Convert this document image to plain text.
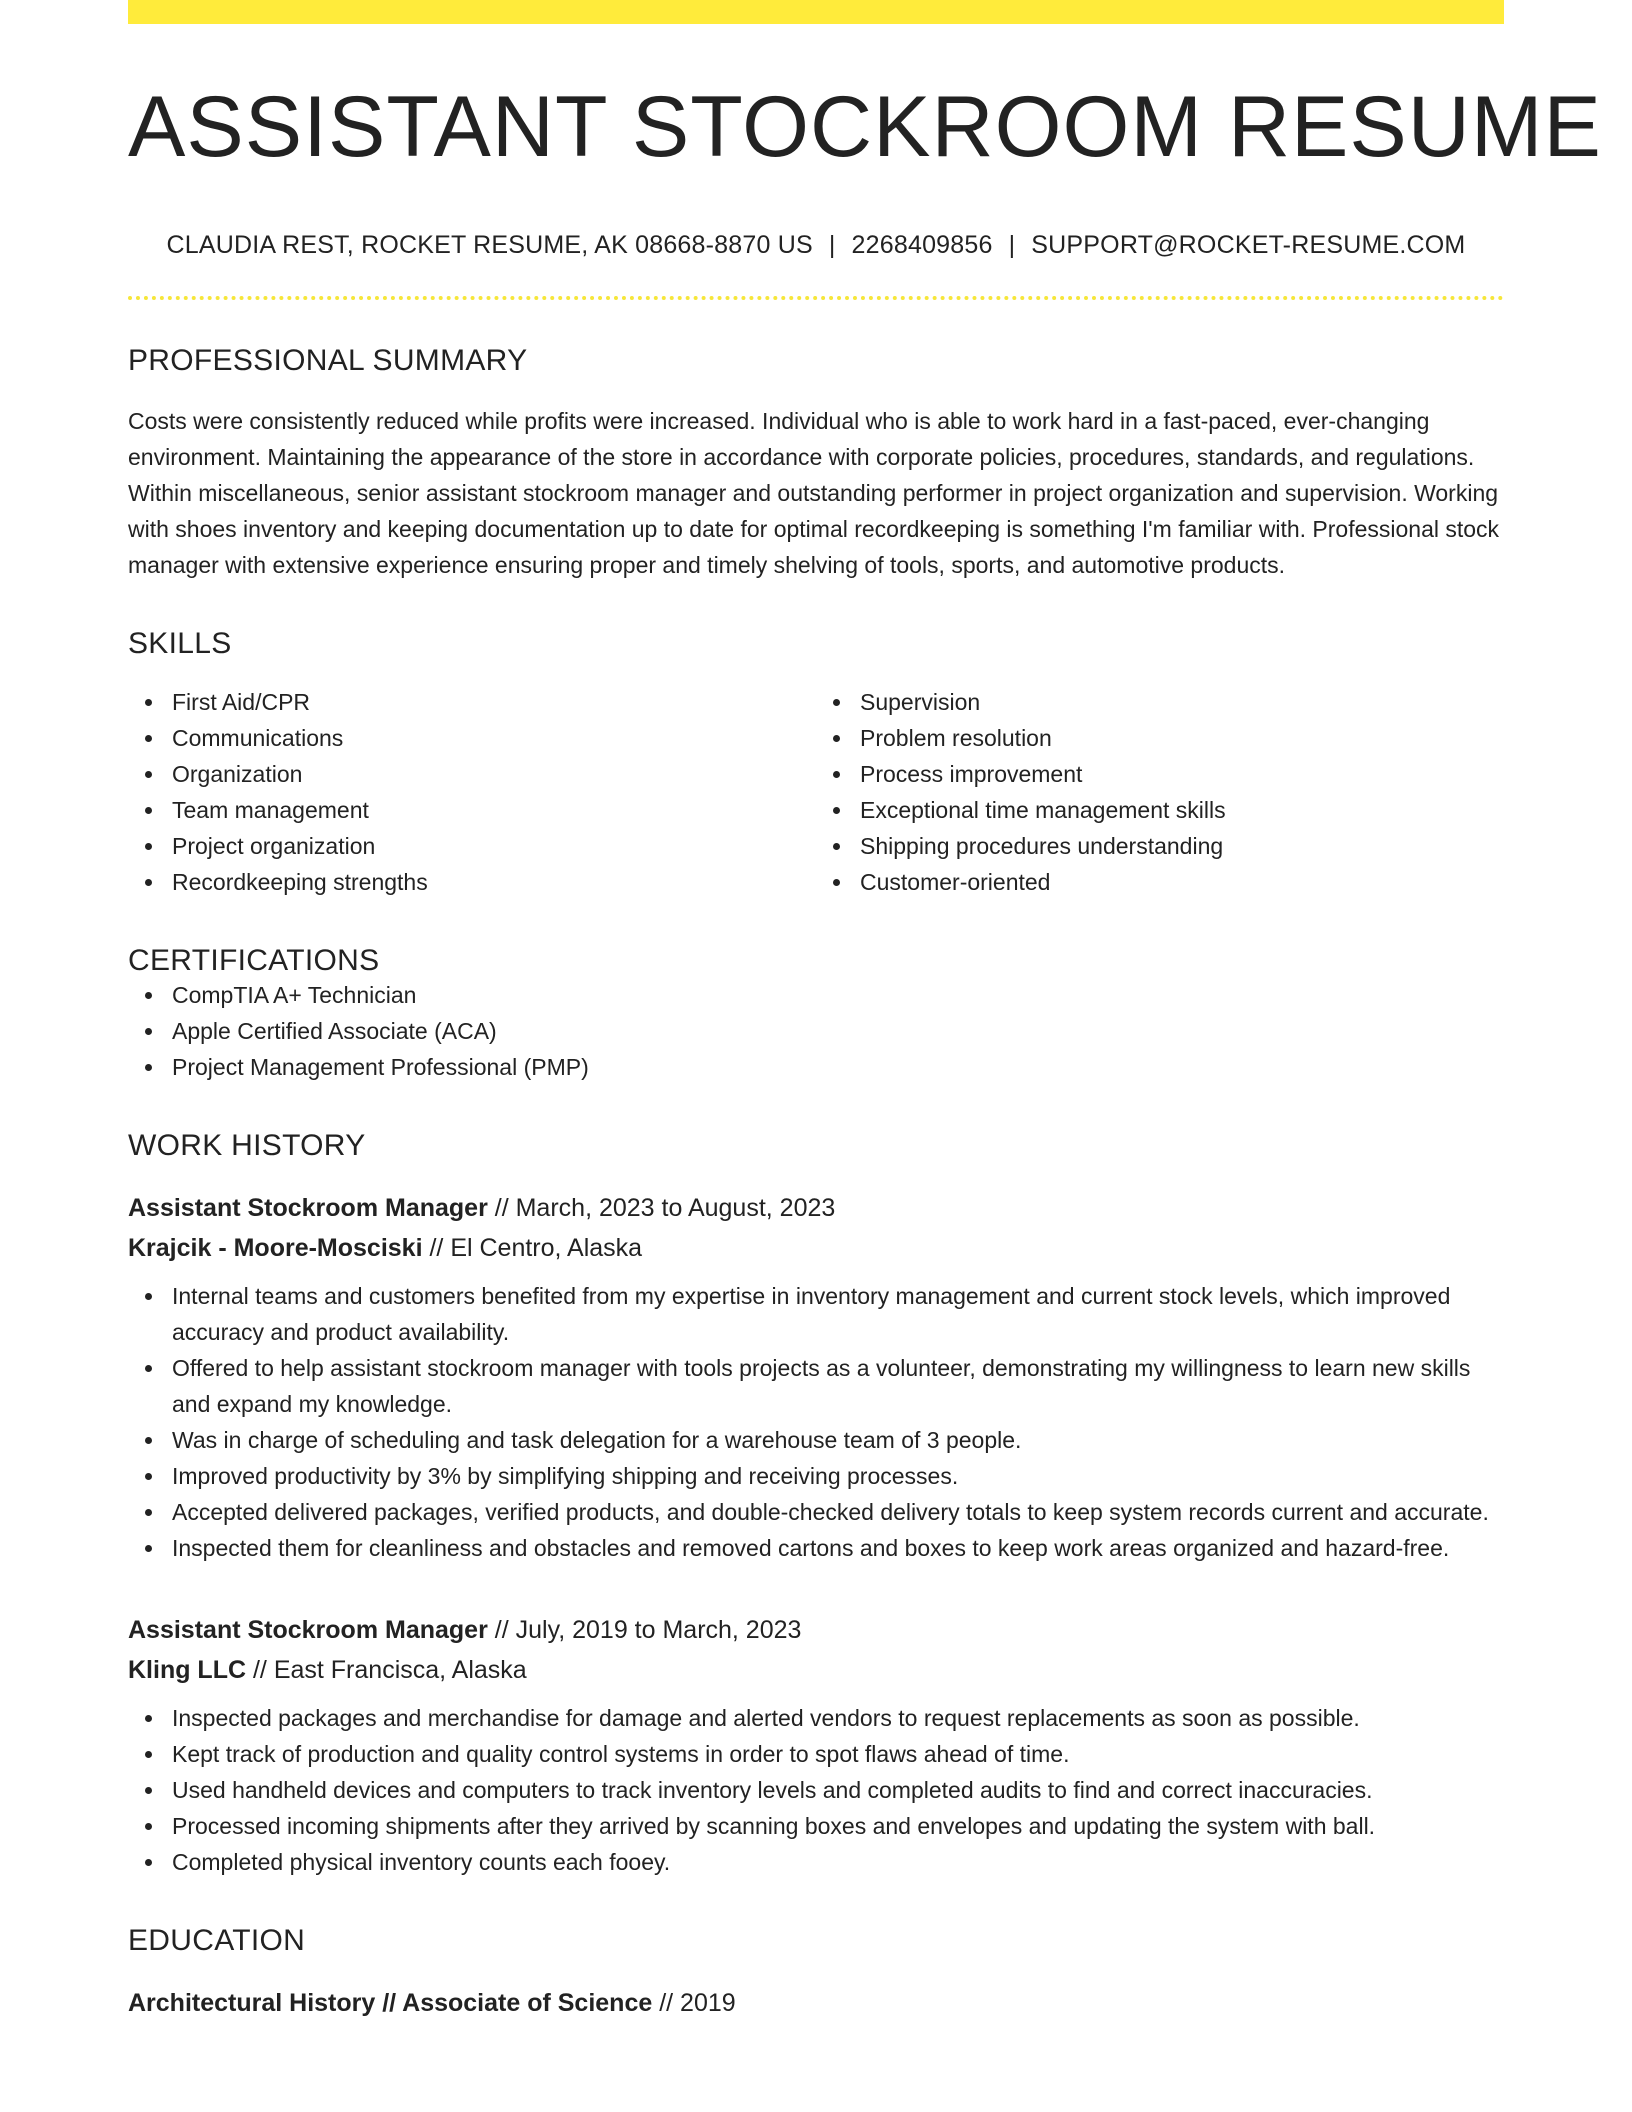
ASSISTANT STOCKROOM RESUME
CLAUDIA REST, ROCKET RESUME, AK 08668-8870 US | 2268409856 | SUPPORT@ROCKET-RESUME.COM
PROFESSIONAL SUMMARY

Costs were consistently reduced while profits were increased. Individual who is able to work hard in a fast-paced, ever-changing environment. Maintaining the appearance of the store in accordance with corporate policies, procedures, standards, and regulations. Within miscellaneous, senior assistant stockroom manager and outstanding performer in project organization and supervision. Working with shoes inventory and keeping documentation up to date for optimal recordkeeping is something I'm familiar with. Professional stock manager with extensive experience ensuring proper and timely shelving of tools, sports, and automotive products.

SKILLS
First Aid/CPR
Communications
Organization
Team management
Project organization
Recordkeeping strengths
Supervision
Problem resolution
Process improvement
Exceptional time management skills
Shipping procedures understanding
Customer-oriented
CERTIFICATIONS
CompTIA A+ Technician
Apple Certified Associate (ACA)
Project Management Professional (PMP)
WORK HISTORY
Assistant Stockroom Manager // March, 2023 to August, 2023
Krajcik - Moore-Mosciski // El Centro, Alaska
Internal teams and customers benefited from my expertise in inventory management and current stock levels, which improved accuracy and product availability.
Offered to help assistant stockroom manager with tools projects as a volunteer, demonstrating my willingness to learn new skills and expand my knowledge.
Was in charge of scheduling and task delegation for a warehouse team of 3 people.
Improved productivity by 3% by simplifying shipping and receiving processes.
Accepted delivered packages, verified products, and double-checked delivery totals to keep system records current and accurate.
Inspected them for cleanliness and obstacles and removed cartons and boxes to keep work areas organized and hazard-free.
Assistant Stockroom Manager // July, 2019 to March, 2023
Kling LLC // East Francisca, Alaska
Inspected packages and merchandise for damage and alerted vendors to request replacements as soon as possible.
Kept track of production and quality control systems in order to spot flaws ahead of time.
Used handheld devices and computers to track inventory levels and completed audits to find and correct inaccuracies.
Processed incoming shipments after they arrived by scanning boxes and envelopes and updating the system with ball.
Completed physical inventory counts each fooey.
EDUCATION
Architectural History // Associate of Science // 2019
